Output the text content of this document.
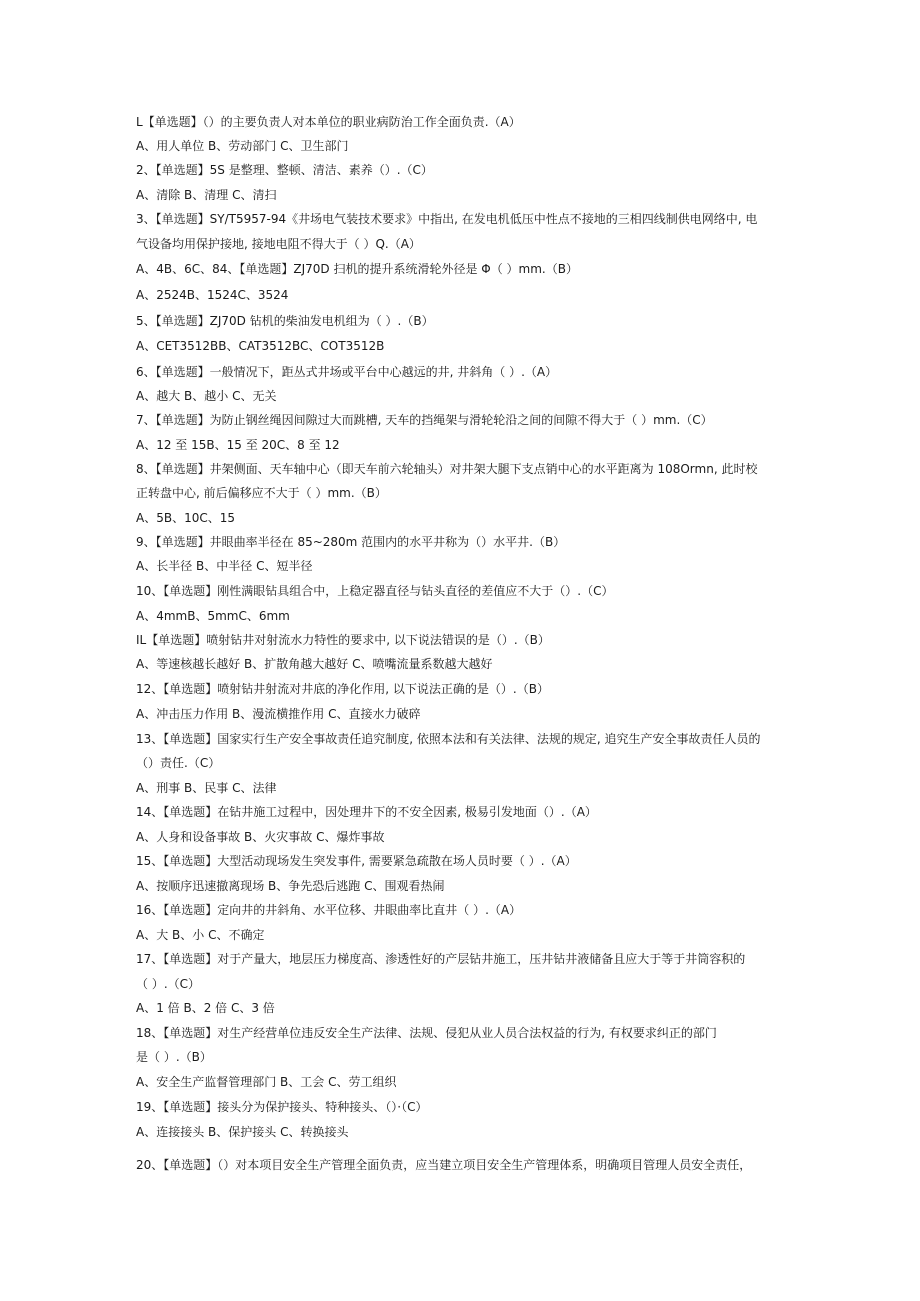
L【单选题】（）的主要负责人对本单位的职业病防治工作全面负责.（A）
A、用人单位 B、劳动部门 C、卫生部门
2、【单选题】5S 是整理、整顿、清洁、素养（）.（C）
A、清除 B、清理 C、清扫
3、【单选题】SY/T5957-94《井场电气装技术要求》中指出, 在发电机低压中性点不接地的三相四线制供电网络中, 电
气设备均用保护接地, 接地电阻不得大于（ ）Q.（A）
A、4B、6C、84、【单选题】ZJ70D 扫机的提升系统滑轮外径是 Φ（ ）mm.（B）
A、2524B、1524C、3524
5、【单选题】ZJ70D 钻机的柴油发电机组为（ ）.（B）
A、CET3512BB、CAT3512BC、COT3512B
6、【单选题】一般情况下，距丛式井场或平台中心越远的井, 井斜角（ ）.（A）
A、越大 B、越小 C、无关
7、【单选题】为防止钢丝绳因间隙过大而跳槽, 天车的挡绳架与滑轮轮沿之间的间隙不得大于（ ）mm.（C）
A、12 至 15B、15 至 20C、8 至 12
8、【单选题】井架侧面、天车轴中心（即天车前六轮轴头）对井架大腿下支点销中心的水平距离为 108Ormn, 此时校
正转盘中心, 前后偏移应不大于（ ）mm.（B）
A、5B、10C、15
9、【单选题】井眼曲率半径在 85~280m 范围内的水平井称为（）水平井.（B）
A、长半径 B、中半径 C、短半径
10、【单选题】刚性满眼钻具组合中，上稳定器直径与钻头直径的差值应不大于（）.（C）
A、4mmB、5mmC、6mm
IL【单选题】喷射钻井对射流水力特性的要求中, 以下说法错误的是（）.（B）
A、等速核越长越好 B、扩散角越大越好 C、喷嘴流量系数越大越好
12、【单选题】喷射钻井射流对井底的净化作用, 以下说法正确的是（）.（B）
A、冲击压力作用 B、漫流横推作用 C、直接水力破碎
13、【单选题】国家实行生产安全事故责任追究制度, 依照本法和有关法律、法规的规定, 追究生产安全事故责任人员的
（）责任.（C）
A、刑事 B、民事 C、法律
14、【单选题】在钻井施工过程中，因处理井下的不安全因素, 极易引发地面（）.（A）
A、人身和设备事故 B、火灾事故 C、爆炸事故
15、【单选题】大型活动现场发生突发事件, 需要紧急疏散在场人员时要（ ）.（A）
A、按顺序迅速撤离现场 B、争先恐后逃跑 C、围观看热闹
16、【单选题】定向井的井斜角、水平位移、井眼曲率比直井（ ）.（A）
A、大 B、小 C、不确定
17、【单选题】对于产量大，地层压力梯度高、渗透性好的产层钻井施工，压井钻井液储备且应大于等于井筒容积的
（ ）.（C）
A、1 倍 B、2 倍 C、3 倍
18、【单选题】对生产经营单位违反安全生产法律、法规、侵犯从业人员合法权益的行为, 有权要求纠正的部门
是（ ）.（B）
A、安全生产监督管理部门 B、工会 C、劳工组织
19、【单选题】接头分为保护接头、特种接头、（）·（C）
A、连接接头 B、保护接头 C、转换接头
20、【单选题】（）对本项目安全生产管理全面负责，应当建立项目安全生产管理体系，明确项目管理人员安全责任，
